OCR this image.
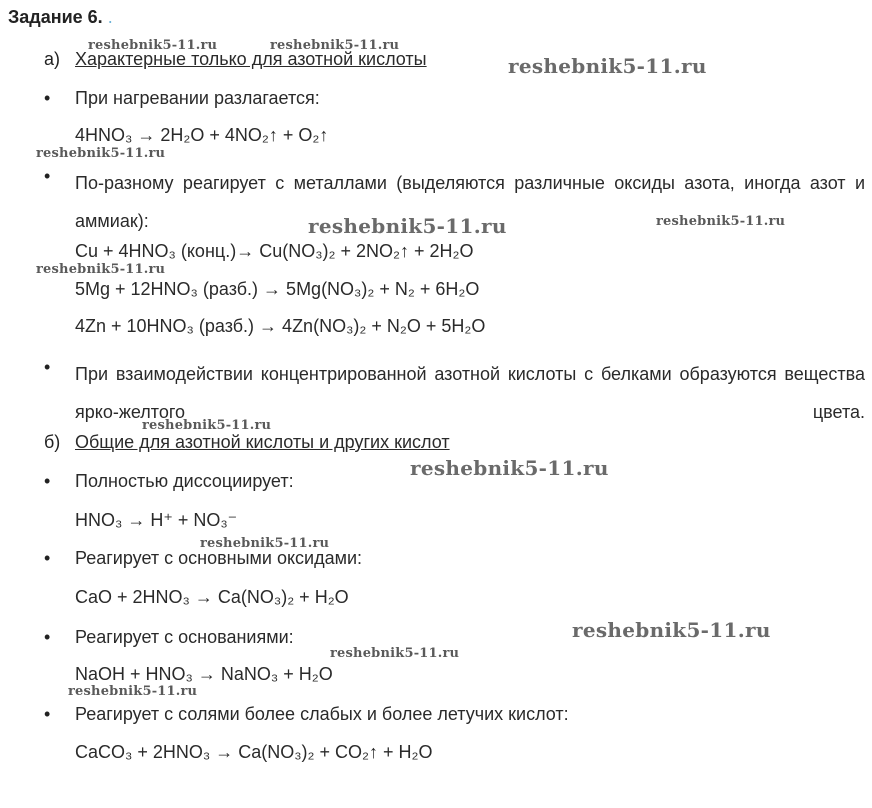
Задание 6. .
а) Характерные только для азотной кислоты
• При нагревании разлагается:
4HNO₃ → 2H₂O + 4NO₂↑ + O₂↑
• По-разному реагирует с металлами (выделяются различные оксиды азота, иногда азот и аммиак):
Cu + 4HNO₃ (конц.)→ Cu(NO₃)₂ + 2NO₂↑ + 2H₂O
5Mg + 12HNO₃ (разб.) → 5Mg(NO₃)₂ + N₂ + 6H₂O
4Zn + 10HNO₃ (разб.) → 4Zn(NO₃)₂ + N₂O + 5H₂O
• При взаимодействии концентрированной азотной кислоты с белками образуются вещества ярко-желтого цвета.
б) Общие для азотной кислоты и других кислот
• Полностью диссоциирует:
HNO₃ → H⁺ + NO₃⁻
• Реагирует с основными оксидами:
CaO + 2HNO₃ → Ca(NO₃)₂ + H₂O
• Реагирует с основаниями:
NaOH + HNO₃ → NaNO₃ + H₂O
• Реагирует с солями более слабых и более летучих кислот:
CaCO₃ + 2HNO₃ → Ca(NO₃)₂ + CO₂↑ + H₂O
reshebnik5-11.ru	reshebnik5-11.ru
reshebnik5-11.ru
reshebnik5-11.ru
reshebnik5-11.ru	reshebnik5-11.ru
reshebnik5-11.ru
reshebnik5-11.ru
reshebnik5-11.ru
reshebnik5-11.ru
reshebnik5-11.ru
reshebnik5-11.ru
reshebnik5-11.ru
